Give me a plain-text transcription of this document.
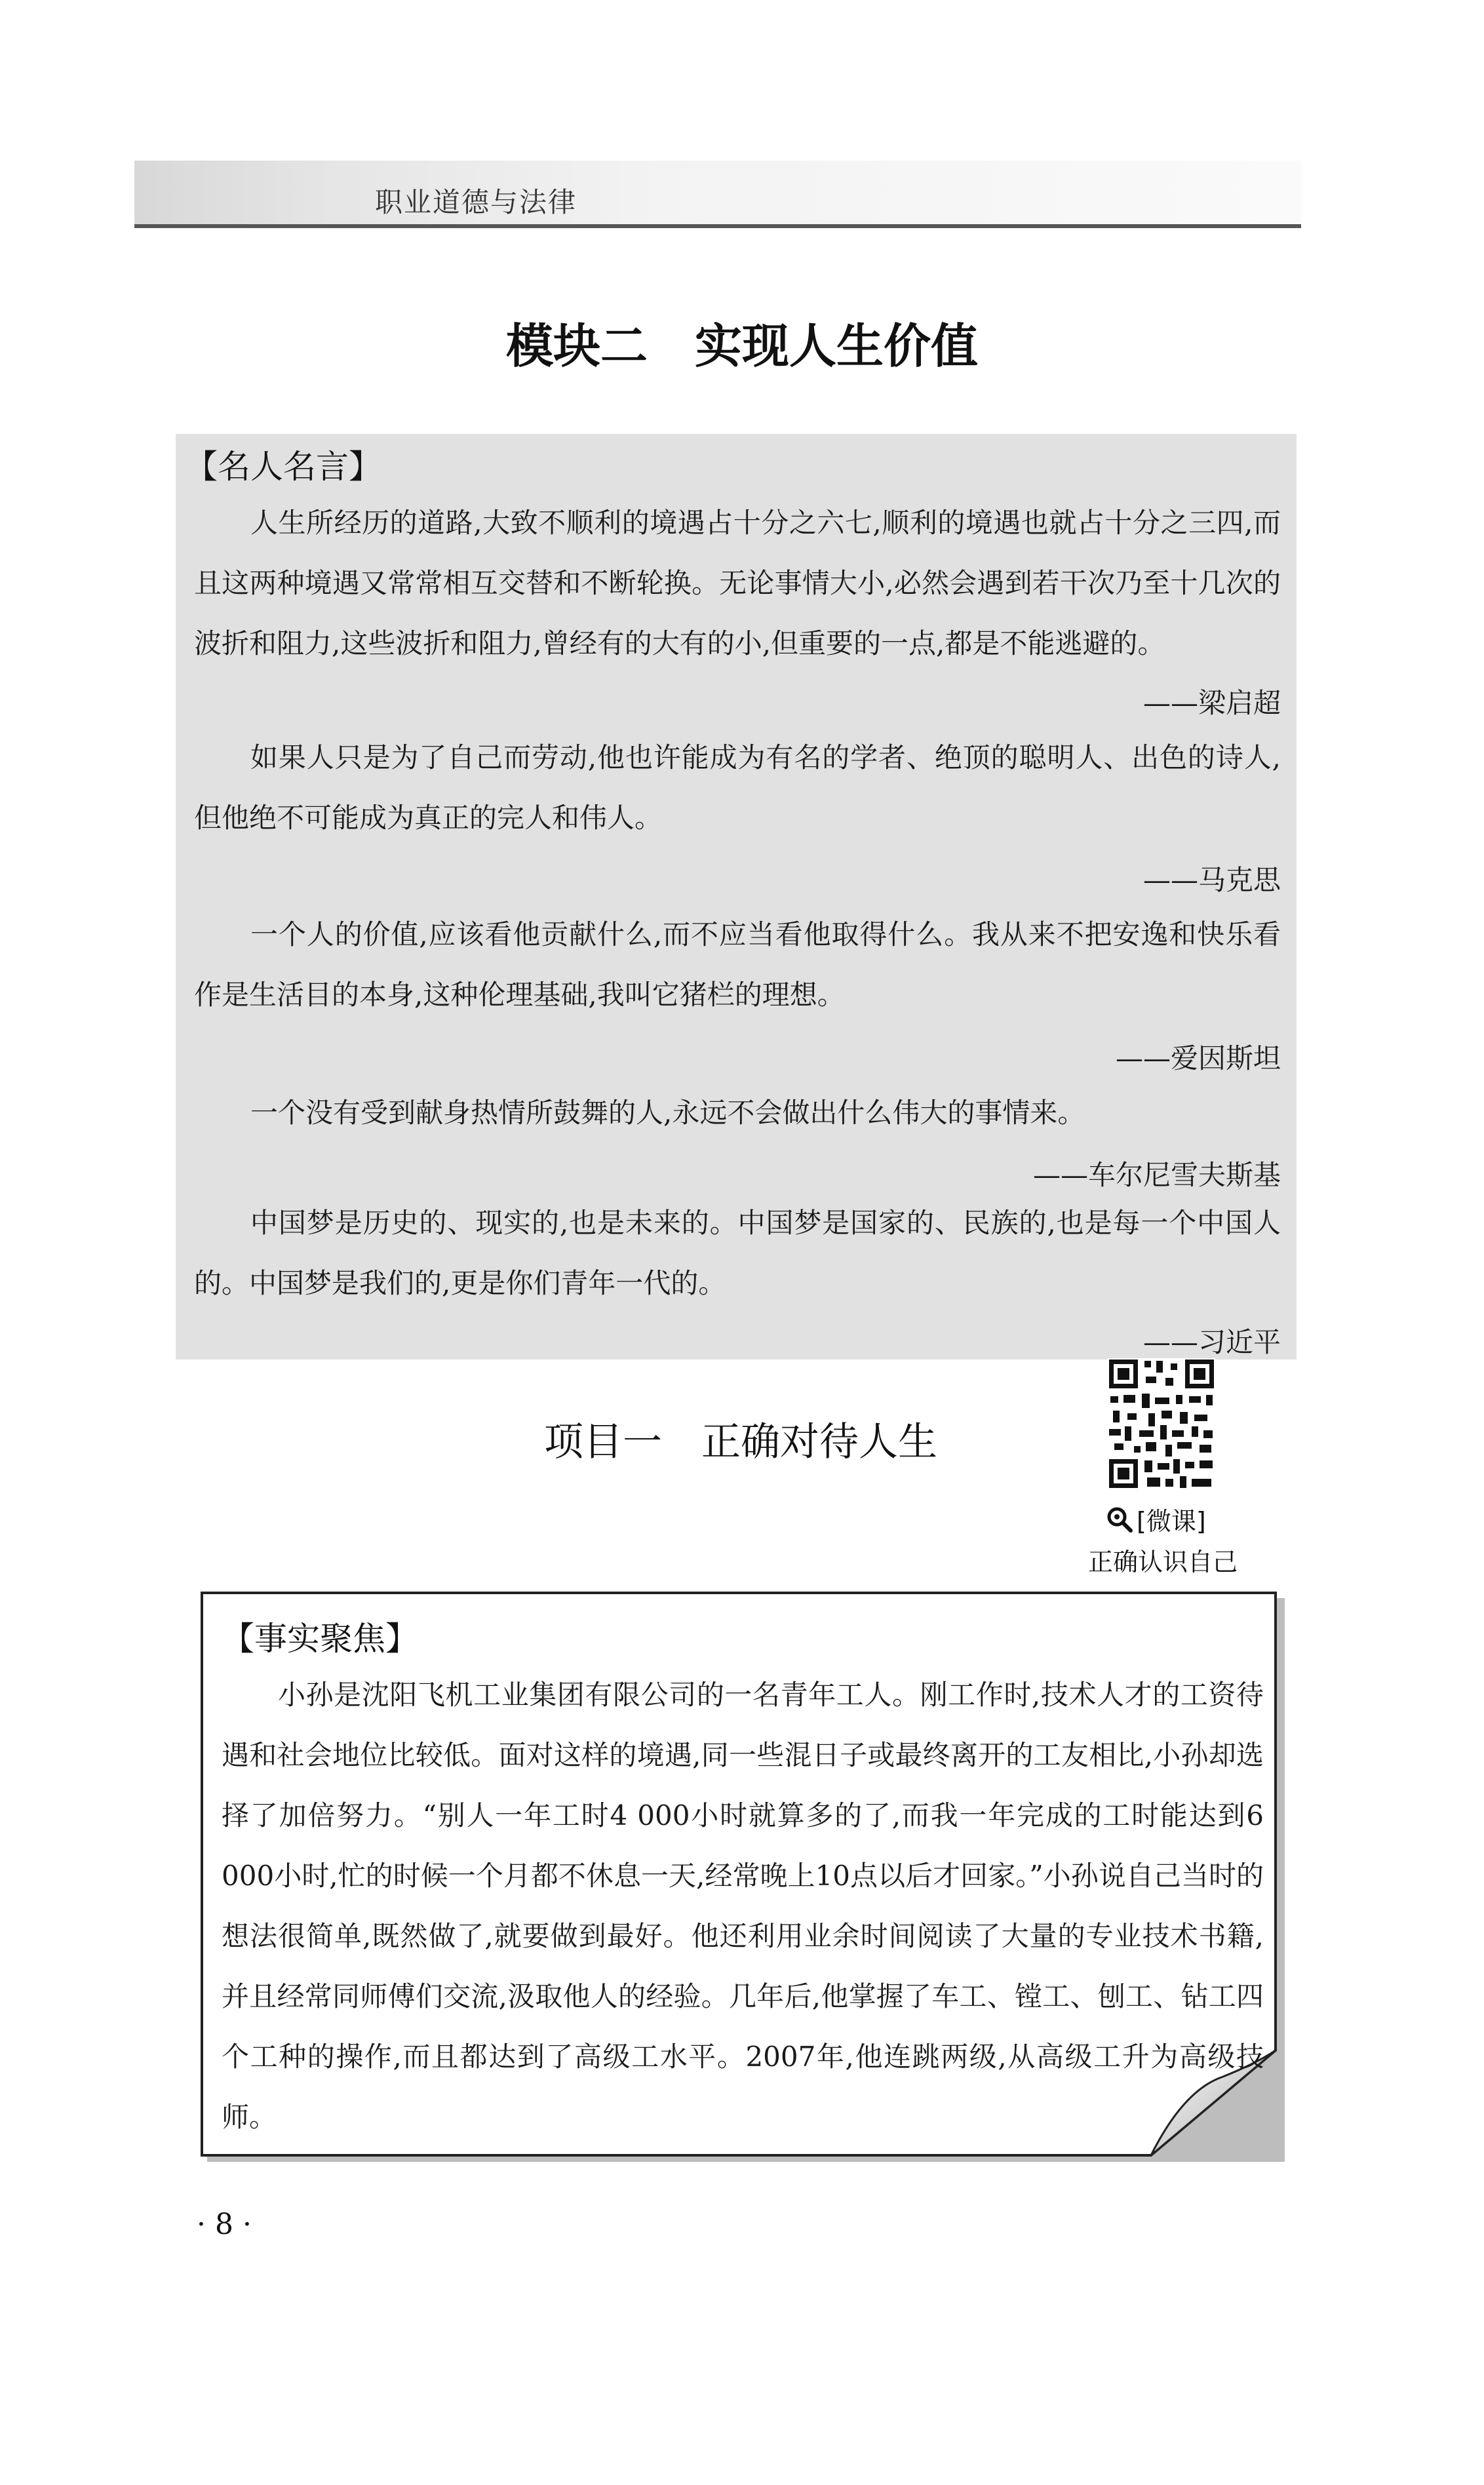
职业道德与法律
模块二　实现人生价值
【名人名言】
人生所经历的道路,大致不顺利的境遇占十分之六七,顺利的境遇也就占十分之三四,而且这两种境遇又常常相互交替和不断轮换。无论事情大小,必然会遇到若干次乃至十几次的波折和阻力,这些波折和阻力,曾经有的大有的小,但重要的一点,都是不能逃避的。
——梁启超
如果人只是为了自己而劳动,他也许能成为有名的学者、绝顶的聪明人、出色的诗人,但他绝不可能成为真正的完人和伟人。
——马克思
一个人的价值,应该看他贡献什么,而不应当看他取得什么。我从来不把安逸和快乐看作是生活目的本身,这种伦理基础,我叫它猪栏的理想。
——爱因斯坦
一个没有受到献身热情所鼓舞的人,永远不会做出什么伟大的事情来。
——车尔尼雪夫斯基
中国梦是历史的、现实的,也是未来的。中国梦是国家的、民族的,也是每一个中国人的。中国梦是我们的,更是你们青年一代的。
——习近平
项目一　正确对待人生
[微课]
正确认识自己
【事实聚焦】
小孙是沈阳飞机工业集团有限公司的一名青年工人。刚工作时,技术人才的工资待遇和社会地位比较低。面对这样的境遇,同一些混日子或最终离开的工友相比,小孙却选择了加倍努力。“别人一年工时4 000小时就算多的了,而我一年完成的工时能达到6 000小时,忙的时候一个月都不休息一天,经常晚上10点以后才回家。”小孙说自己当时的想法很简单,既然做了,就要做到最好。他还利用业余时间阅读了大量的专业技术书籍,并且经常同师傅们交流,汲取他人的经验。几年后,他掌握了车工、镗工、刨工、钻工四个工种的操作,而且都达到了高级工水平。2007年,他连跳两级,从高级工升为高级技师。
· 8 ·
